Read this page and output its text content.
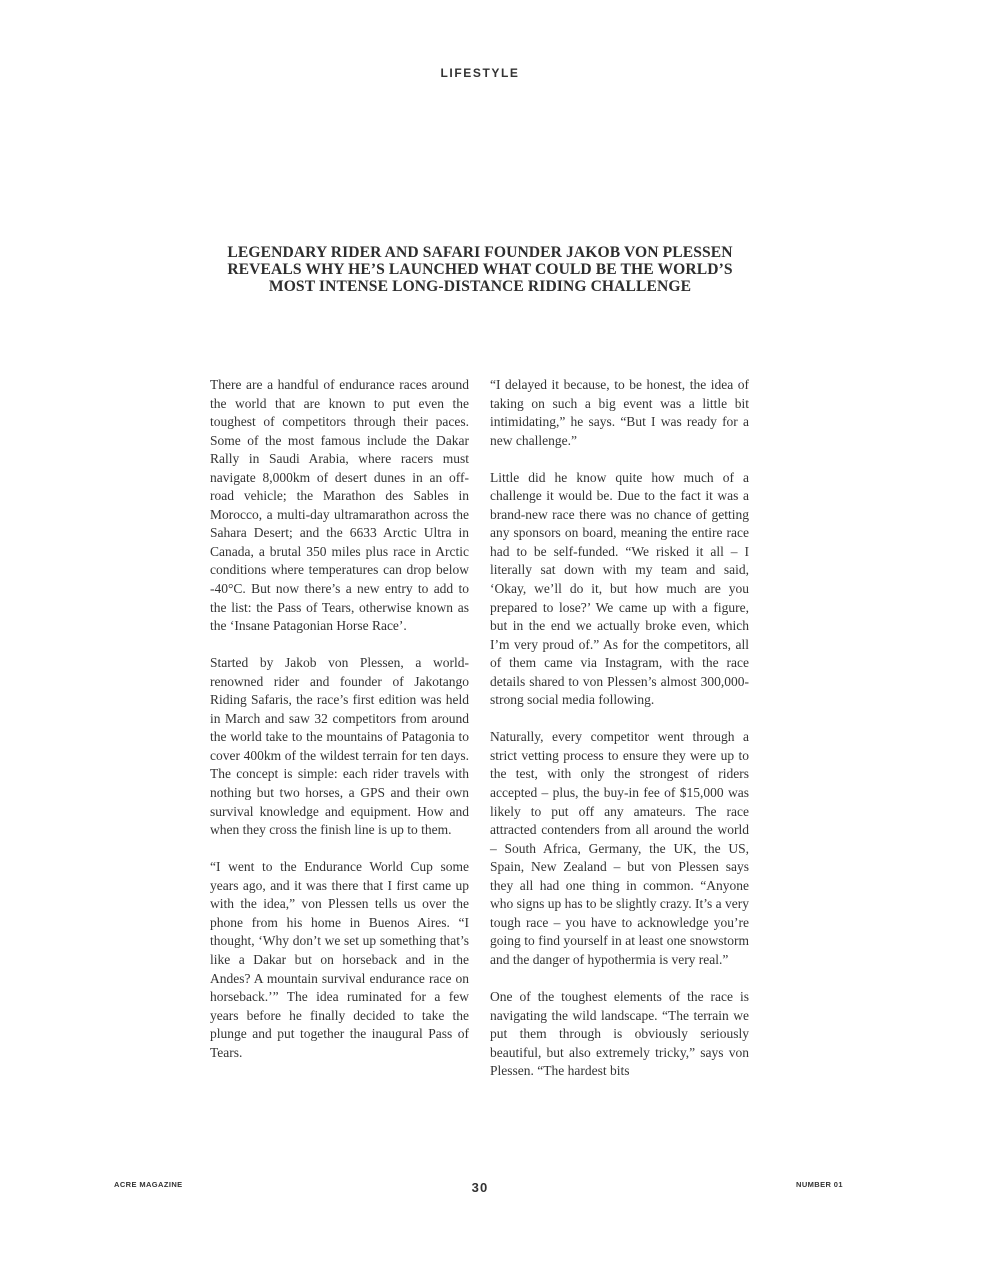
LIFESTYLE
LEGENDARY RIDER AND SAFARI FOUNDER JAKOB VON PLESSEN
REVEALS WHY HE’S LAUNCHED WHAT COULD BE THE WORLD’S
MOST INTENSE LONG-DISTANCE RIDING CHALLENGE

There are a handful of endurance races around the world that are known to put even the toughest of competitors through their paces. Some of the most famous include the Dakar Rally in Saudi Arabia, where racers must navigate 8,000km of desert dunes in an off-road vehicle; the Marathon des Sables in Morocco, a multi-day ultramarathon across the Sahara Desert; and the 6633 Arctic Ultra in Canada, a brutal 350 miles plus race in Arctic conditions where temperatures can drop below -40°C. But now there’s a new entry to add to the list: the Pass of Tears, otherwise known as the ‘Insane Patagonian Horse Race’.

Started by Jakob von Plessen, a world-renowned rider and founder of Jakotango Riding Safaris, the race’s first edition was held in March and saw 32 competitors from around the world take to the mountains of Patagonia to cover 400km of the wildest terrain for ten days. The concept is simple: each rider travels with nothing but two horses, a GPS and their own survival knowledge and equipment. How and when they cross the finish line is up to them.

“I went to the Endurance World Cup some years ago, and it was there that I first came up with the idea,” von Plessen tells us over the phone from his home in Buenos Aires. “I thought, ‘Why don’t we set up something that’s like a Dakar but on horseback and in the Andes? A mountain survival endurance race on horseback.’” The idea ruminated for a few years before he finally decided to take the plunge and put together the inaugural Pass of Tears.

“I delayed it because, to be honest, the idea of taking on such a big event was a little bit intimidating,” he says. “But I was ready for a new challenge.”

Little did he know quite how much of a challenge it would be. Due to the fact it was a brand-new race there was no chance of getting any sponsors on board, meaning the entire race had to be self-funded. “We risked it all – I literally sat down with my team and said, ‘Okay, we’ll do it, but how much are you prepared to lose?’ We came up with a figure, but in the end we actually broke even, which I’m very proud of.” As for the competitors, all of them came via Instagram, with the race details shared to von Plessen’s almost 300,000-strong social media following.

Naturally, every competitor went through a strict vetting process to ensure they were up to the test, with only the strongest of riders accepted – plus, the buy-in fee of $15,000 was likely to put off any amateurs. The race attracted contenders from all around the world – South Africa, Germany, the UK, the US, Spain, New Zealand – but von Plessen says they all had one thing in common. “Anyone who signs up has to be slightly crazy. It’s a very tough race – you have to acknowledge you’re going to find yourself in at least one snowstorm and the danger of hypothermia is very real.”

One of the toughest elements of the race is navigating the wild landscape. “The terrain we put them through is obviously seriously beautiful, but also extremely tricky,” says von Plessen. “The hardest bits

ACRE MAGAZINE	30	NUMBER 01
